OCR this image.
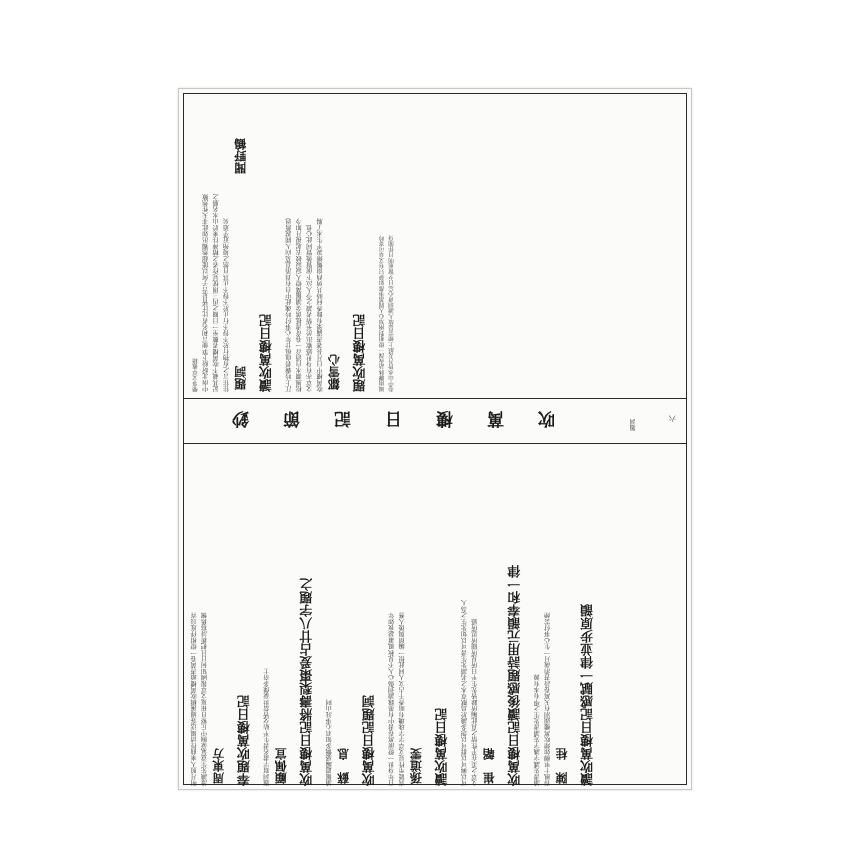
樂事文章載籍 中南北紛紛下筆便言利名者比比皆是吾子何以能超然獨出如此非天性然歟 記其載不吹萬樓者數至一日閱之再三則恍見作者之精神往來於山水名勝之 往往言之有物行於不得不行止於不得不止其自然之境殆近乎道矣 題詞　　　　　　　　　　　　　　　　聞野鶴 讀吹萬樓日記 江上吟囊碧血痕廿年心事付吟魂此中自有真消息莫向人間說舊恩 松風澗水自清音一卷奇書抵萬金讀罷篝燈人寂寂披衣起視月如今 文章亦有身世感歎出於至情者讀之令人泣下前賢後賢同此心也 吹萬樓中日月長著書滿架有餘香何時共剪西窗燭細說平生未了腸 鄒雪心 題吹萬樓日記 風雨聯牀話夜深一燈相對兩知心人間萬事都如夢只有文章可寄吟 卷中山水皆吾友紙上煙雲是故人讀到會心忘日夕窗前明月伴閒身
吹萬樓日記節鈔	題詞
六
明月照人來曲徑清風送客過溪橋吹萬樓頭書萬卷一燈相伴度良宵 誰識先生意氣豪胸中丘壑自崔嵬文章報國知何日且把新詩寫舊懷 周東方 奉題吹萬樓日記 題詞寫字畫名書生平結交皆當世豪傑多奇士 顧佩宣 吹萬樓日記將壽梨棗爰占廿八字題之 讀罷遺編感慨多知君心事託山阿 蘇　息 吹萬樓日記題詞 百年身世一燈前萬卷書中有墨緣讀到傷心人不見秋風蕭瑟夜如年 真能至性見文章字字珠璣有暗香千古文人同此恨一編留與後人嘗 孫道雯 讀吹萬樓日記 可以興可以群可以怨多識於鳥獸草木之名讀先生書可以知先生之為人 文章之美在乎性情之真此編所錄皆先生平日所見所聞所思所感 崔　韜 吹萬樓日記讀後感題詩用元韻奉和一律 讀書先識字識字先讀書先生之學有本有源 春風十里柳如煙吹萬樓頭別有天萬卷詩書消歲月一生心事付雲煙 陳　桂 讀吹萬樓日記感賦一律並步原韻
